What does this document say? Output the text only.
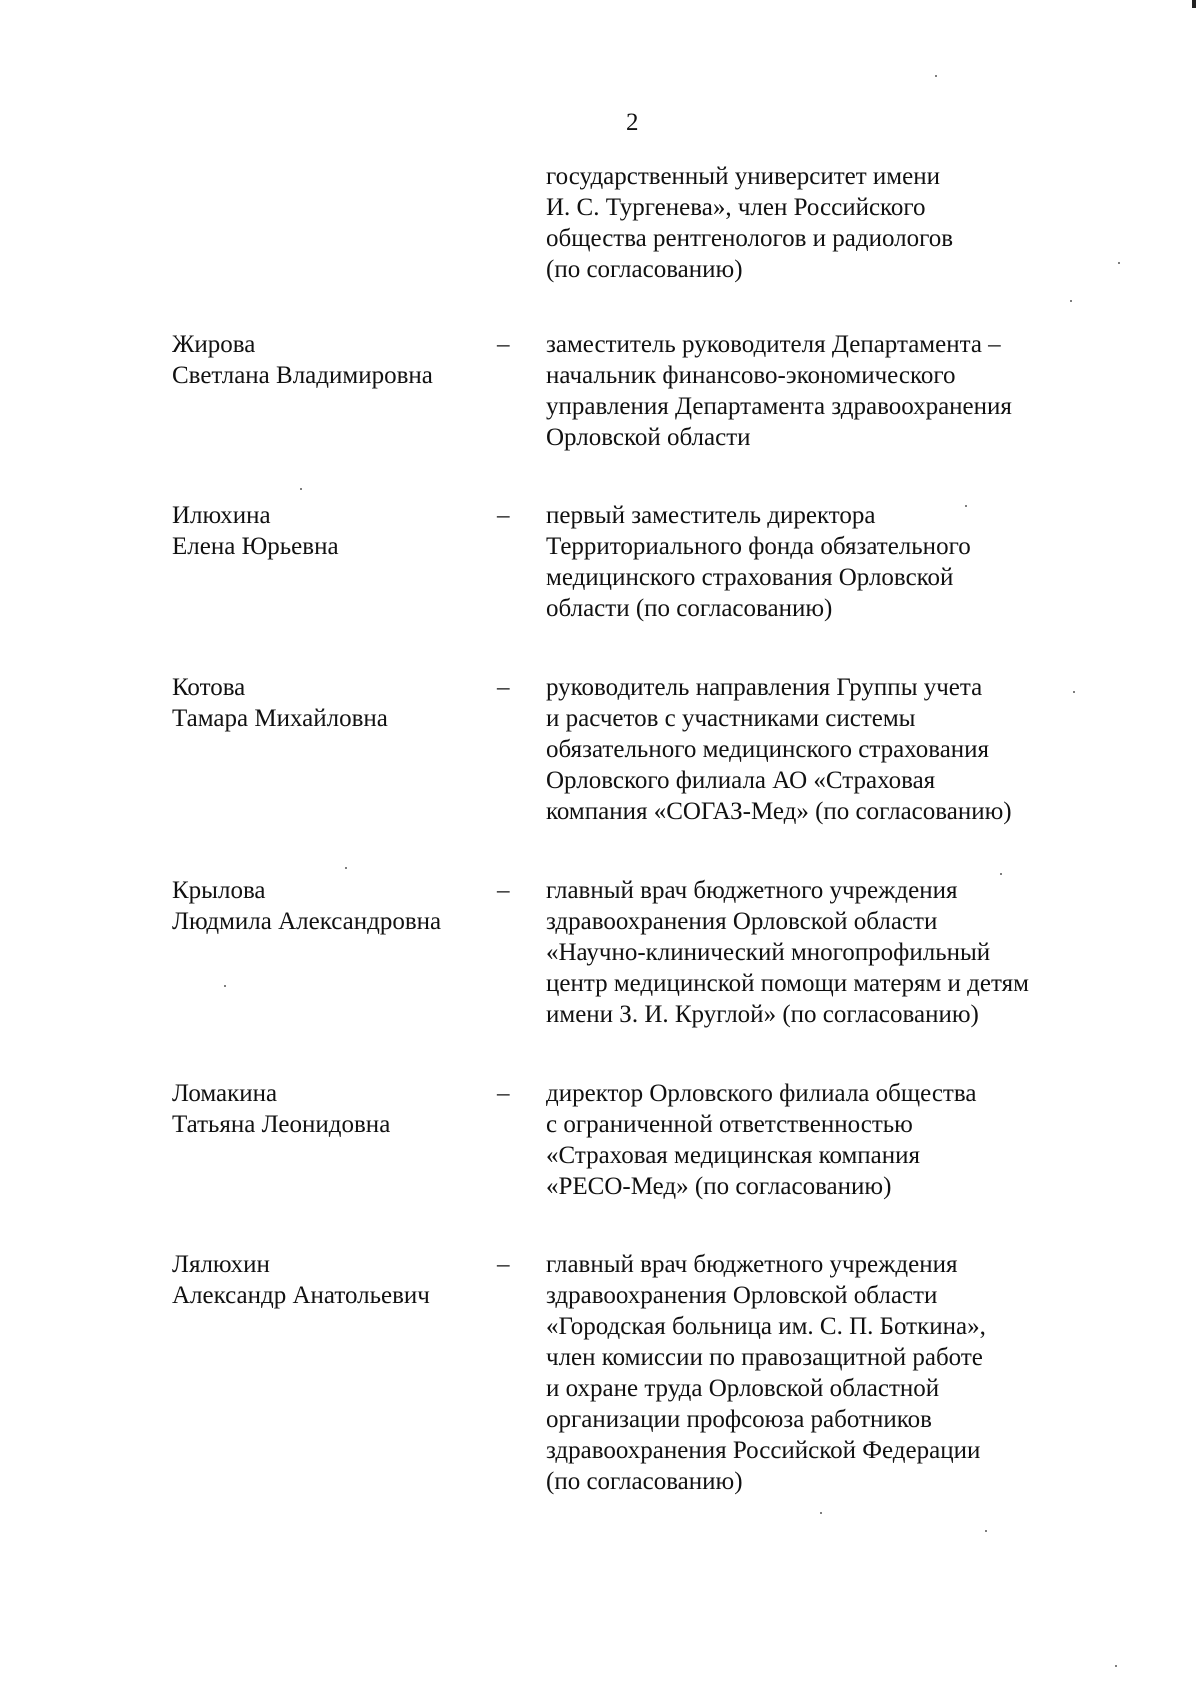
2
государственный университет имени
И. С. Тургенева», член Российского
общества рентгенологов и радиологов
(по согласованию)
Жирова
Светлана Владимировна
–	заместитель руководителя Департамента –
начальник финансово-экономического
управления Департамента здравоохранения
Орловской области
Илюхина
Елена Юрьевна
–	первый заместитель директора
Территориального фонда обязательного
медицинского страхования Орловской
области (по согласованию)
Котова
Тамара Михайловна
–	руководитель направления Группы учета
и расчетов с участниками системы
обязательного медицинского страхования
Орловского филиала АО «Страховая
компания «СОГАЗ-Мед» (по согласованию)
Крылова
Людмила Александровна
–	главный врач бюджетного учреждения
здравоохранения Орловской области
«Научно-клинический многопрофильный
центр медицинской помощи матерям и детям
имени З. И. Круглой» (по согласованию)
Ломакина
Татьяна Леонидовна
–	директор Орловского филиала общества
с ограниченной ответственностью
«Страховая медицинская компания
«РЕСО-Мед» (по согласованию)
Лялюхин
Александр Анатольевич
–	главный врач бюджетного учреждения
здравоохранения Орловской области
«Городская больница им. С. П. Боткина»,
член комиссии по правозащитной работе
и охране труда Орловской областной
организации профсоюза работников
здравоохранения Российской Федерации
(по согласованию)
